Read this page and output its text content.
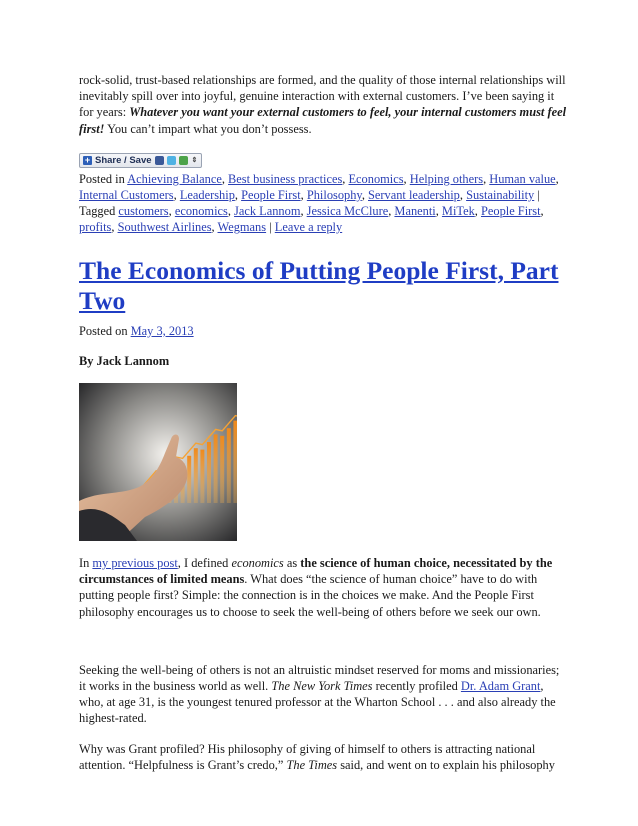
rock-solid, trust-based relationships are formed, and the quality of those internal relationships will inevitably spill over into joyful, genuine interaction with external customers. I’ve been saying it for years: Whatever you want your external customers to feel, your internal customers must feel first! You can’t impart what you don’t possess.

+ Share / Save	⇕

Posted in Achieving Balance, Best business practices, Economics, Helping others, Human value, Internal Customers, Leadership, People First, Philosophy, Servant leadership, Sustainability | Tagged customers, economics, Jack Lannom, Jessica McClure, Manenti, MiTek, People First, profits, Southwest Airlines, Wegmans | Leave a reply

The Economics of Putting People First, Part Two

Posted on May 3, 2013

By Jack Lannom

In my previous post, I defined economics as the science of human choice, necessitated by the circumstances of limited means. What does “the science of human choice” have to do with putting people first? Simple: the connection is in the choices we make. And the People First philosophy encourages us to choose to seek the well-being of others before we seek our own.

Seeking the well-being of others is not an altruistic mindset reserved for moms and missionaries; it works in the business world as well. The New York Times recently profiled Dr. Adam Grant, who, at age 31, is the youngest tenured professor at the Wharton School . . . and also already the highest-rated.

Why was Grant profiled? His philosophy of giving of himself to others is attracting national attention. “Helpfulness is Grant’s credo,” The Times said, and went on to explain his philosophy
